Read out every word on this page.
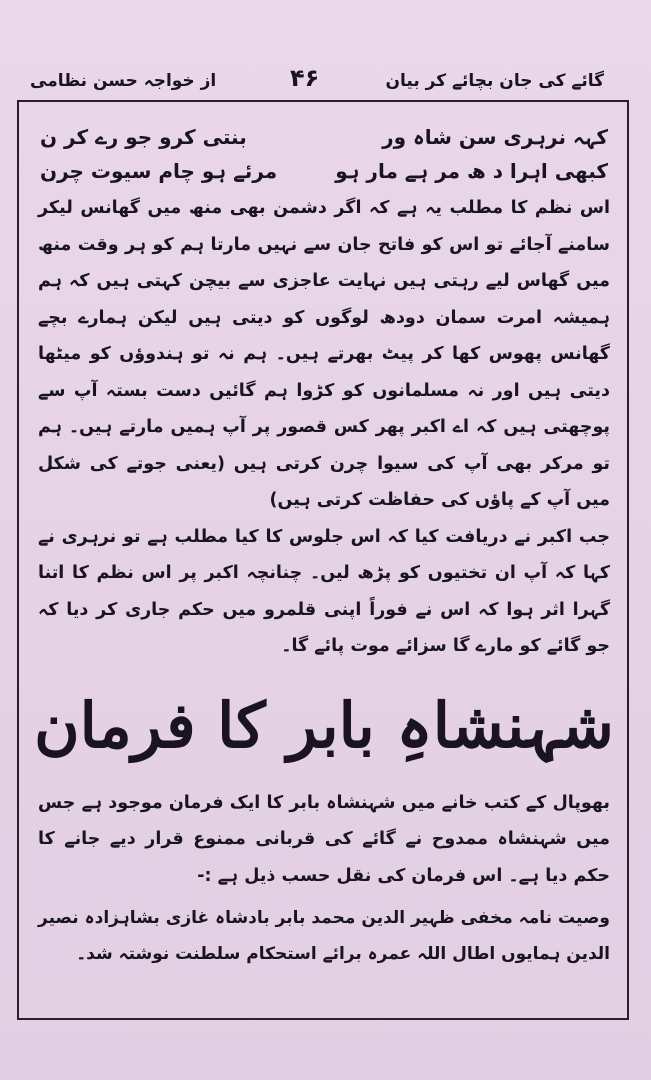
گائے کی جان بچائے کر بیان
۴۶
از خواجہ حسن نظامی
کہہ نرہری سن شاہ ور
بنتی کرو جو رے کر ن
کبھی اہرا د ھ مر ہے مار ہو
مرئے ہو چام سیوت چرن

اس نظم کا مطلب یہ ہے کہ اگر دشمن بھی منھ میں گھانس لیکر سامنے آجائے تو اس کو فاتح جان سے نہیں مارتا ہم کو ہر وقت منھ میں گھاس لیے رہتی ہیں نہایت عاجزی سے بیچن کہتی ہیں کہ ہم ہمیشہ امرت سمان دودھ لوگوں کو دیتی ہیں لیکن ہمارے بچے گھانس پھوس کھا کر پیٹ بھرتے ہیں۔ ہم نہ تو ہندوؤں کو میٹھا دیتی ہیں اور نہ مسلمانوں کو کڑوا ہم گائیں دست بستہ آپ سے پوچھتی ہیں کہ اے اکبر پھر کس قصور پر آپ ہمیں مارتے ہیں۔ ہم تو مرکر بھی آپ کی سیوا چرن کرتی ہیں (یعنی جوتے کی شکل میں آپ کے پاؤں کی حفاظت کرتی ہیں)

جب اکبر نے دریافت کیا کہ اس جلوس کا کیا مطلب ہے تو نرہری نے کہا کہ آپ ان تختیوں کو پڑھ لیں۔ چنانچہ اکبر پر اس نظم کا اتنا گہرا اثر ہوا کہ اس نے فوراً اپنی قلمرو میں حکم جاری کر دیا کہ جو گائے کو مارے گا سزائے موت پائے گا۔

شہنشاہِ بابر کا فرمان
بھوپال کے کتب خانے میں شہنشاہ بابر کا ایک فرمان موجود ہے جس میں شہنشاہ ممدوح نے گائے کی قربانی ممنوع قرار دیے جانے کا حکم دیا ہے۔ اس فرمان کی نقل حسب ذیل ہے :-
وصیت نامہ مخفی ظہیر الدین محمد بابر بادشاہ غازی بشاہزادہ نصیر الدین ہمایوں اطال اللہ عمرہ برائے استحکام سلطنت نوشتہ شد۔
